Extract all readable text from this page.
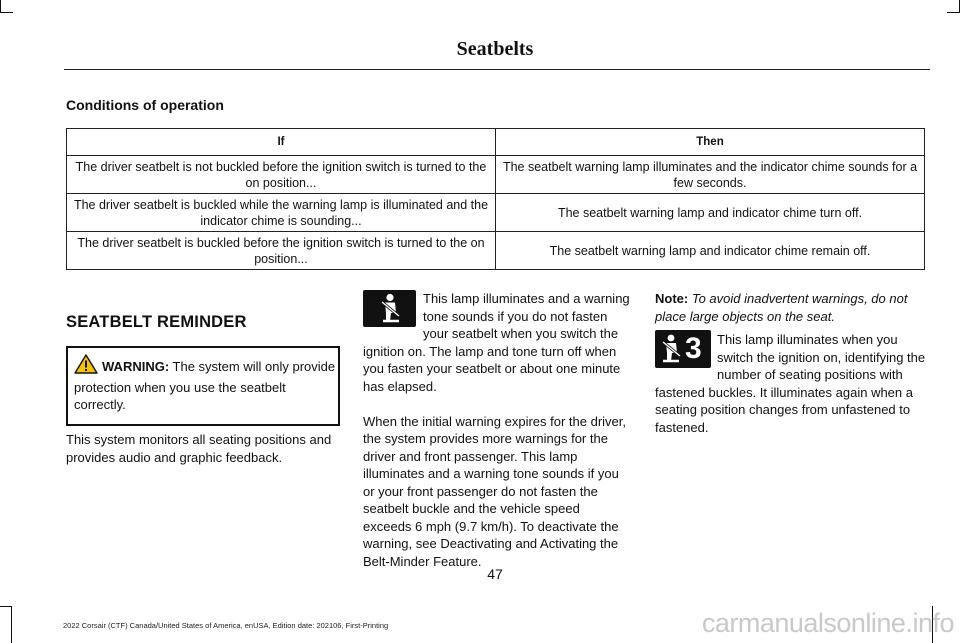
Seatbelts
Conditions of operation
If	Then
The driver seatbelt is not buckled before the ignition switch is turned to the on position...	The seatbelt warning lamp illuminates and the indicator chime sounds for a few seconds.
The driver seatbelt is buckled while the warning lamp is illuminated and the indicator chime is sounding...	The seatbelt warning lamp and indicator chime turn off.
The driver seatbelt is buckled before the ignition switch is turned to the on position...	The seatbelt warning lamp and indicator chime remain off.
SEATBELT REMINDER
WARNING: The system will only provide protection when you use the seatbelt correctly.
This system monitors all seating positions and provides audio and graphic feedback.

This lamp illuminates and a warning tone sounds if you do not fasten your seatbelt when you switch the ignition on. The lamp and tone turn off when you fasten your seatbelt or about one minute has elapsed.

When the initial warning expires for the driver, the system provides more warnings for the driver and front passenger. This lamp illuminates and a warning tone sounds if you or your front passenger do not fasten the seatbelt buckle and the vehicle speed exceeds 6 mph (9.7 km/h). To deactivate the warning, see Deactivating and Activating the Belt-Minder Feature.

Note: To avoid inadvertent warnings, do not place large objects on the seat.

This lamp illuminates when you switch the ignition on, identifying the number of seating positions with fastened buckles. It illuminates again when a seating position changes from unfastened to fastened.

3
47
2022 Corsair (CTF) Canada/United States of America, enUSA, Edition date: 202106, First-Printing	carmanualsonline.info
